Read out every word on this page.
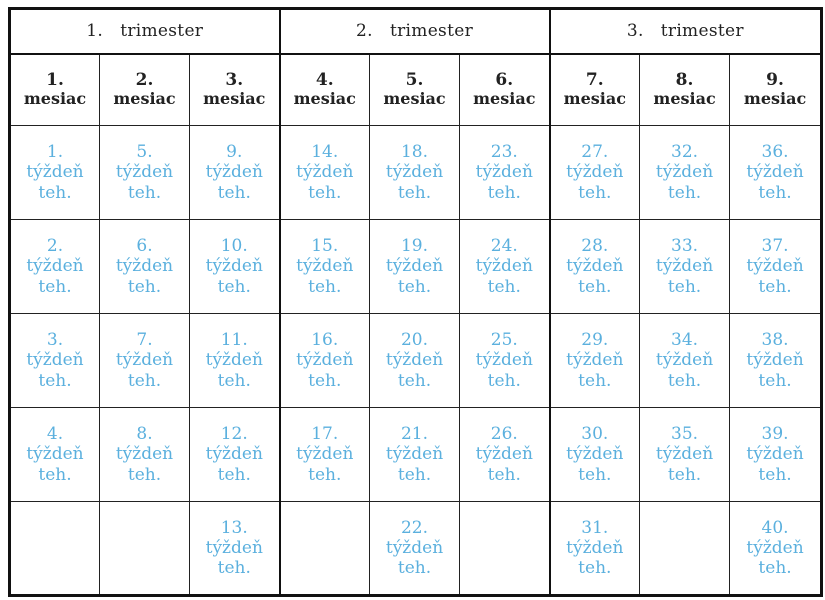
1.   trimester			2.   trimester			3.   trimester		
1.
mesiac	2.
mesiac	3.
mesiac	4.
mesiac	5.
mesiac	6.
mesiac	7.
mesiac	8.
mesiac	9.
mesiac

1.
týždeň
teh.	5.
týždeň
teh.	9.
týždeň
teh.	14.
týždeň
teh.	18.
týždeň
teh.	23.
týždeň
teh.	27.
týždeň
teh.	32.
týždeň
teh.	36.
týždeň
teh.

2.
týždeň
teh.	6.
týždeň
teh.	10.
týždeň
teh.	15.
týždeň
teh.	19.
týždeň
teh.	24.
týždeň
teh.	28.
týždeň
teh.	33.
týždeň
teh.	37.
týždeň
teh.

3.
týždeň
teh.	7.
týždeň
teh.	11.
týždeň
teh.	16.
týždeň
teh.	20.
týždeň
teh.	25.
týždeň
teh.	29.
týždeň
teh.	34.
týždeň
teh.	38.
týždeň
teh.

4.
týždeň
teh.	8.
týždeň
teh.	12.
týždeň
teh.	17.
týždeň
teh.	21.
týždeň
teh.	26.
týždeň
teh.	30.
týždeň
teh.	35.
týždeň
teh.	39.
týždeň
teh.

		13.
týždeň
teh.		22.
týždeň
teh.		31.
týždeň
teh.		40.
týždeň
teh.
